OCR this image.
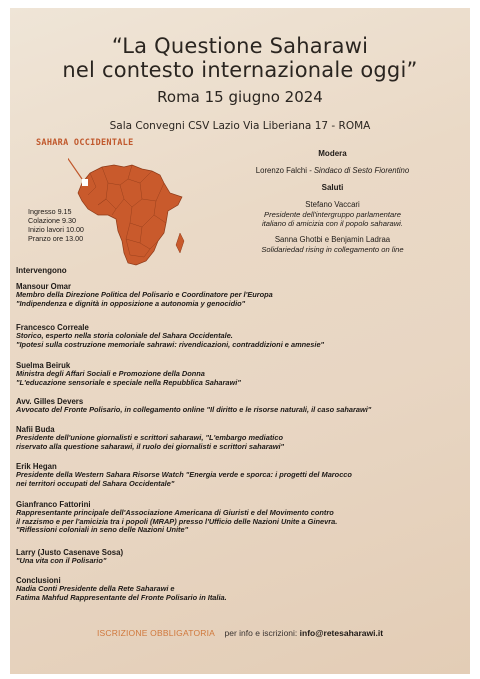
“La Questione Saharawi
nel contesto internazionale oggi”
Roma 15 giugno 2024
Sala Convegni CSV Lazio Via Liberiana 17 - ROMA
SAHARA OCCIDENTALE
Ingresso 9.15
Colazione 9.30
Inizio lavori 10.00
Pranzo ore 13.00
Modera
Lorenzo Falchi - Sindaco di Sesto Fiorentino
Saluti
Stefano Vaccari
Presidente dell'intergruppo parlamentare
italiano di amicizia con il popolo saharawi.
Sanna Ghotbi e Benjamin Ladraa
Solidariedad rising in collegamento on line
Intervengono
Mansour Omar
Membro della Direzione Politica del Polisario e Coordinatore per l'Europa
"Indipendenza e dignità in opposizione a autonomia y genocidio"
Francesco Correale
Storico, esperto nella storia coloniale del Sahara Occidentale.
"Ipotesi sulla costruzione memoriale sahrawi: rivendicazioni, contraddizioni e amnesie"
Suelma Beiruk
Ministra degli Affari Sociali e Promozione della Donna
"L'educazione sensoriale e speciale nella Repubblica Saharawi"
Avv. Gilles Devers
Avvocato del Fronte Polisario, in collegamento online "Il diritto e le risorse naturali, il caso saharawi"
Nafii Buda
Presidente dell'unione giornalisti e scrittori saharawi, "L'embargo mediatico
riservato alla questione saharawi, il ruolo dei giornalisti e scrittori saharawi"
Erik Hegan
Presidente della Western Sahara Risorse Watch "Energia verde e sporca: i progetti del Marocco
nei territori occupati del Sahara Occidentale"
Gianfranco Fattorini
Rappresentante principale dell'Associazione Americana di Giuristi e del Movimento contro
il razzismo e per l'amicizia tra i popoli (MRAP) presso l'Ufficio delle Nazioni Unite a Ginevra.
"Riflessioni coloniali in seno delle Nazioni Unite"
Larry (Justo Casenave Sosa)
"Una vita con il Polisario"
Conclusioni
Nadia Conti Presidente della Rete Saharawi e
Fatima Mahfud Rappresentante del Fronte Polisario in Italia.
ISCRIZIONE OBBLIGATORIA per info e iscrizioni: info@retesaharawi.it
